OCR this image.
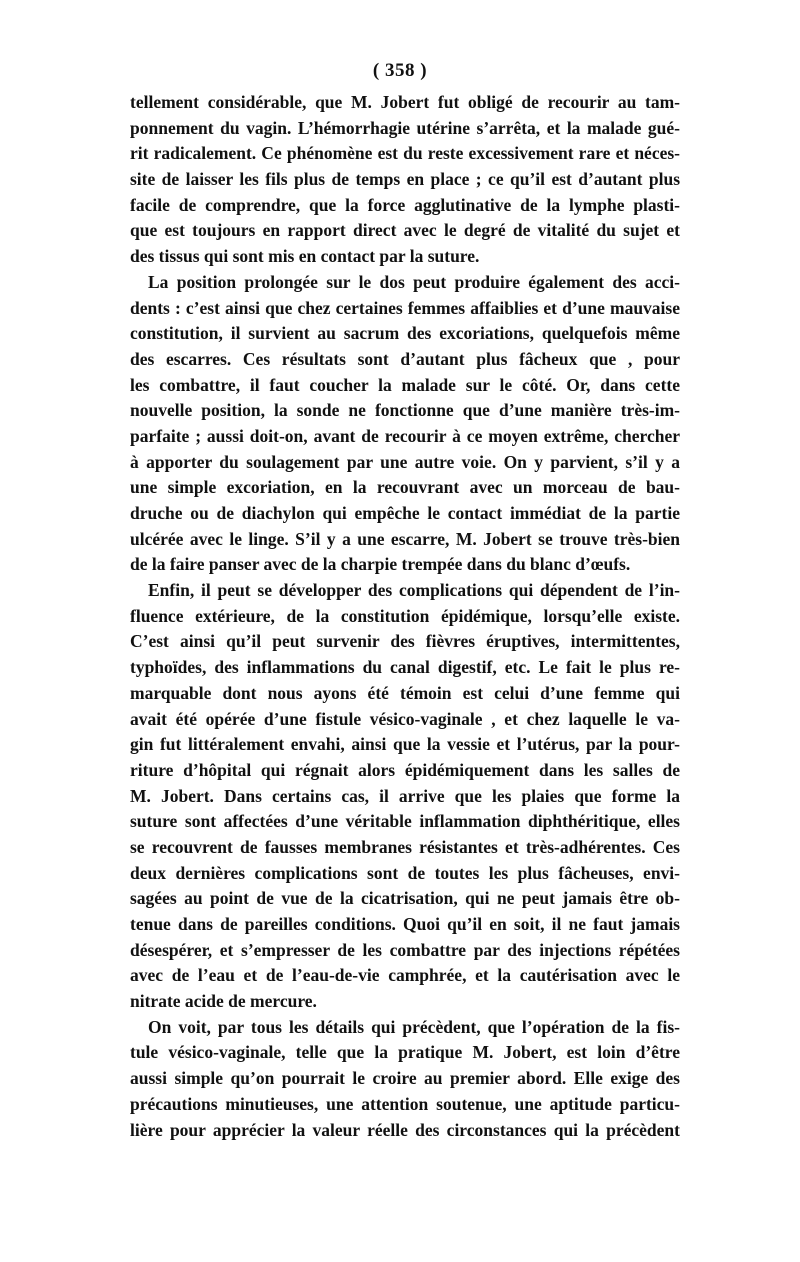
( 358 )
tellement considérable, que M. Jobert fut obligé de recourir au tam-
ponnement du vagin. L’hémorrhagie utérine s’arrêta, et la malade gué-
rit radicalement. Ce phénomène est du reste excessivement rare et néces-
site de laisser les fils plus de temps en place ; ce qu’il est d’autant plus
facile de comprendre, que la force agglutinative de la lymphe plasti-
que est toujours en rapport direct avec le degré de vitalité du sujet et
des tissus qui sont mis en contact par la suture.
La position prolongée sur le dos peut produire également des acci-
dents : c’est ainsi que chez certaines femmes affaiblies et d’une mauvaise
constitution, il survient au sacrum des excoriations, quelquefois même
des escarres. Ces résultats sont d’autant plus fâcheux que , pour
les combattre, il faut coucher la malade sur le côté. Or, dans cette
nouvelle position, la sonde ne fonctionne que d’une manière très-im-
parfaite ; aussi doit-on, avant de recourir à ce moyen extrême, chercher
à apporter du soulagement par une autre voie. On y parvient, s’il y a
une simple excoriation, en la recouvrant avec un morceau de bau-
druche ou de diachylon qui empêche le contact immédiat de la partie
ulcérée avec le linge. S’il y a une escarre, M. Jobert se trouve très-bien
de la faire panser avec de la charpie trempée dans du blanc d’œufs.
Enfin, il peut se développer des complications qui dépendent de l’in-
fluence extérieure, de la constitution épidémique, lorsqu’elle existe.
C’est ainsi qu’il peut survenir des fièvres éruptives, intermittentes,
typhoïdes, des inflammations du canal digestif, etc. Le fait le plus re-
marquable dont nous ayons été témoin est celui d’une femme qui
avait été opérée d’une fistule vésico-vaginale , et chez laquelle le va-
gin fut littéralement envahi, ainsi que la vessie et l’utérus, par la pour-
riture d’hôpital qui régnait alors épidémiquement dans les salles de
M. Jobert. Dans certains cas, il arrive que les plaies que forme la
suture sont affectées d’une véritable inflammation diphthéritique, elles
se recouvrent de fausses membranes résistantes et très-adhérentes. Ces
deux dernières complications sont de toutes les plus fâcheuses, envi-
sagées au point de vue de la cicatrisation, qui ne peut jamais être ob-
tenue dans de pareilles conditions. Quoi qu’il en soit, il ne faut jamais
désespérer, et s’empresser de les combattre par des injections répétées
avec de l’eau et de l’eau-de-vie camphrée, et la cautérisation avec le
nitrate acide de mercure.
On voit, par tous les détails qui précèdent, que l’opération de la fis-
tule vésico-vaginale, telle que la pratique M. Jobert, est loin d’être
aussi simple qu’on pourrait le croire au premier abord. Elle exige des
précautions minutieuses, une attention soutenue, une aptitude particu-
lière pour apprécier la valeur réelle des circonstances qui la précèdent
